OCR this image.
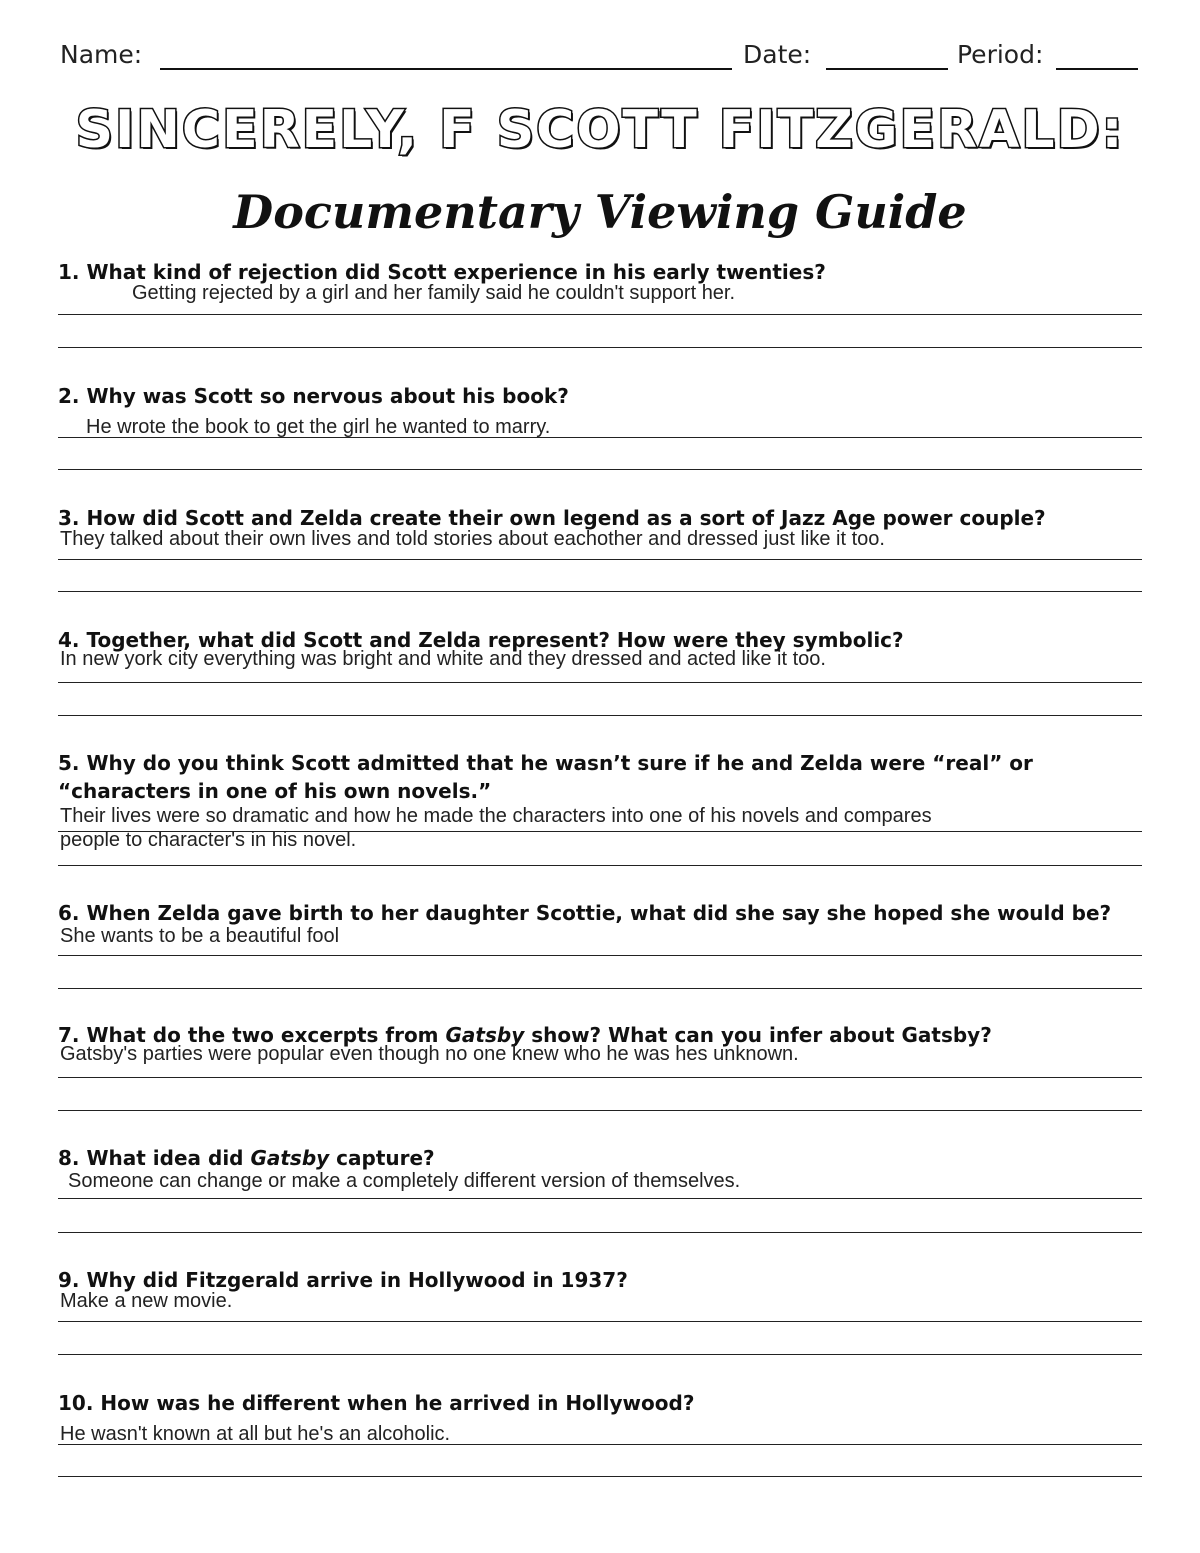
Name:	Date:	Period:
SINCERELY, F SCOTT FITZGERALD:
Documentary Viewing Guide
1. What kind of rejection did Scott experience in his early twenties?
Getting rejected by a girl and her family said he couldn't support her.
2. Why was Scott so nervous about his book?
He wrote the book to get the girl he wanted to marry.
3. How did Scott and Zelda create their own legend as a sort of Jazz Age power couple?
They talked about their own lives and told stories about eachother and dressed just like it too.
4. Together, what did Scott and Zelda represent? How were they symbolic?
In new york city everything was bright and white and they dressed and acted like it too.
5. Why do you think Scott admitted that he wasn’t sure if he and Zelda were “real” or
“characters in one of his own novels.”
Their lives were so dramatic and how he made the characters into one of his novels and compares
people to character's in his novel.
6. When Zelda gave birth to her daughter Scottie, what did she say she hoped she would be?
She wants to be a beautiful fool
7. What do the two excerpts from Gatsby show? What can you infer about Gatsby?
Gatsby's parties were popular even though no one knew who he was hes unknown.
8. What idea did Gatsby capture?
Someone can change or make a completely different version of themselves.
9. Why did Fitzgerald arrive in Hollywood in 1937?
Make a new movie.
10. How was he different when he arrived in Hollywood?
He wasn't known at all but he's an alcoholic.
